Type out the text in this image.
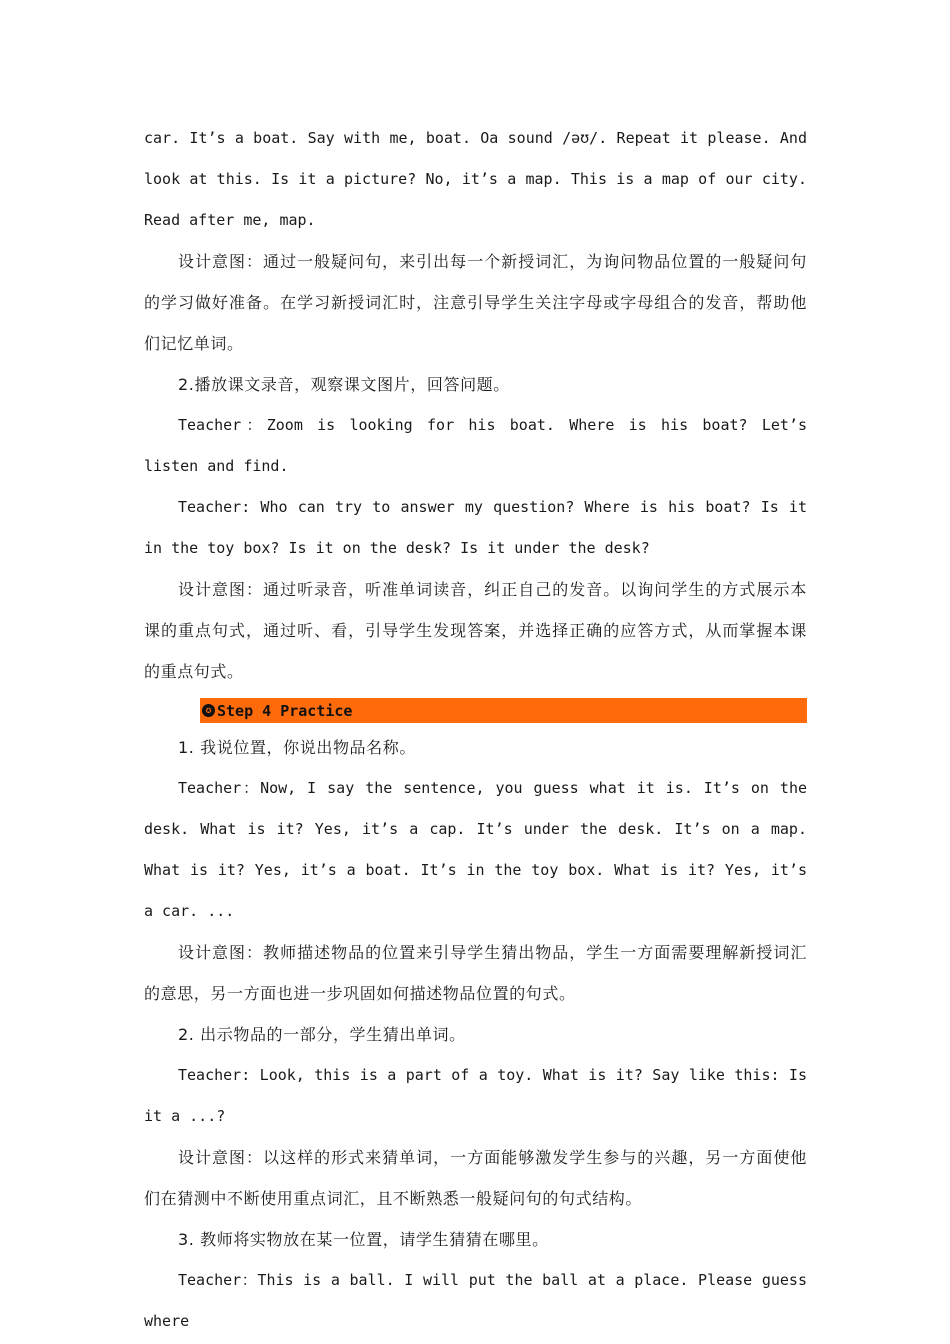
car. It’s a boat. Say with me, boat. Oa sound /əʊ/. Repeat it please. And look at this. Is it a picture? No, it’s a map. This is a map of our city. Read after me, map.

设计意图：通过一般疑问句，来引出每一个新授词汇，为询问物品位置的一般疑问句的学习做好准备。在学习新授词汇时，注意引导学生关注字母或字母组合的发音，帮助他们记忆单词。

2.播放课文录音，观察课文图片，回答问题。

Teacher：Zoom is looking for his boat. Where is his boat? Let’s listen and find.

Teacher: Who can try to answer my question? Where is his boat? Is it in the toy box? Is it on the desk? Is it under the desk?

设计意图：通过听录音，听准单词读音，纠正自己的发音。以询问学生的方式展示本课的重点句式，通过听、看，引导学生发现答案，并选择正确的应答方式，从而掌握本课的重点句式。

✪ Step 4 Practice

1. 我说位置，你说出物品名称。

Teacher：Now, I say the sentence, you guess what it is. It’s on the desk. What is it? Yes, it’s a cap. It’s under the desk. It’s on a map. What is it? Yes, it’s a boat. It’s in the toy box. What is it? Yes, it’s a car. ...

设计意图：教师描述物品的位置来引导学生猜出物品，学生一方面需要理解新授词汇的意思，另一方面也进一步巩固如何描述物品位置的句式。

2. 出示物品的一部分，学生猜出单词。

Teacher: Look, this is a part of a toy. What is it? Say like this: Is it a ...?

设计意图：以这样的形式来猜单词，一方面能够激发学生参与的兴趣，另一方面使他们在猜测中不断使用重点词汇，且不断熟悉一般疑问句的句式结构。

3. 教师将实物放在某一位置，请学生猜猜在哪里。

Teacher：This is a ball. I will put the ball at a place. Please guess where
